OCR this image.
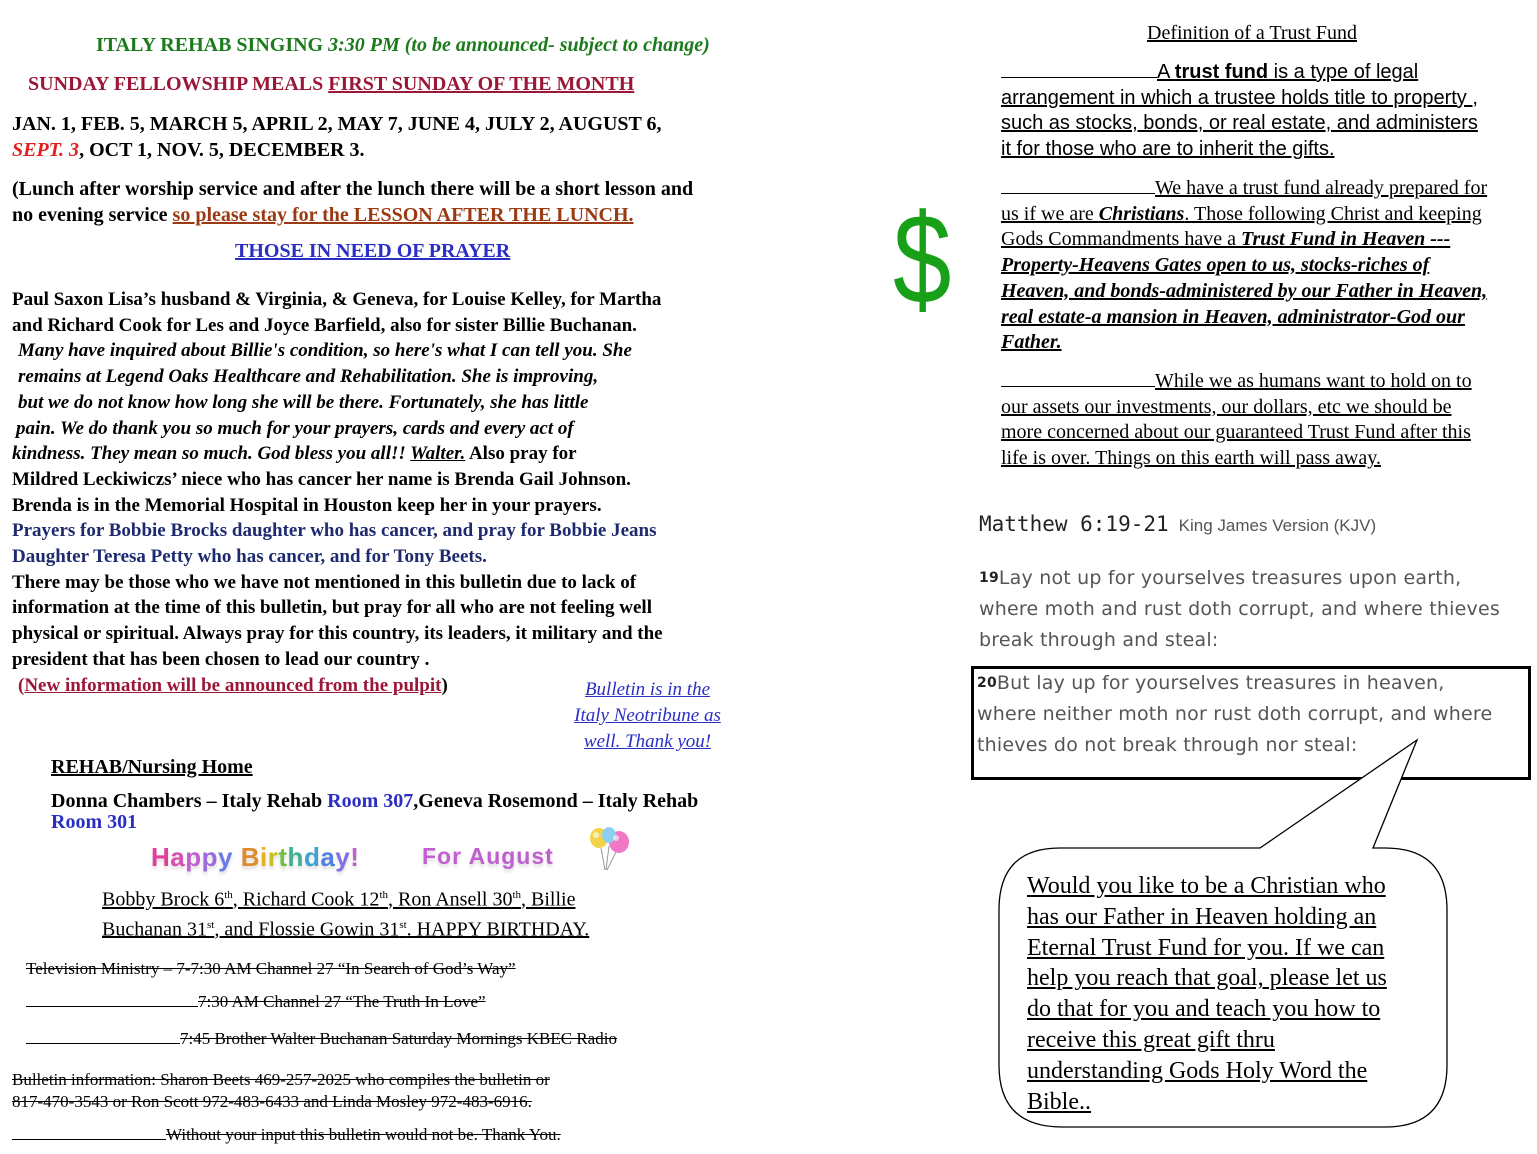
ITALY REHAB SINGING 3:30 PM (to be announced- subject to change)
SUNDAY FELLOWSHIP MEALS FIRST SUNDAY OF THE MONTH
JAN. 1, FEB. 5, MARCH 5, APRIL 2, MAY 7, JUNE 4, JULY 2, AUGUST 6,
SEPT. 3, OCT 1, NOV. 5, DECEMBER 3.
(Lunch after worship service and after the lunch there will be a short lesson and
no evening service so please stay for the LESSON AFTER THE LUNCH.
THOSE IN NEED OF PRAYER
Paul Saxon Lisa’s husband & Virginia, & Geneva, for Louise Kelley, for Martha
and Richard Cook for Les and Joyce Barfield, also for sister Billie Buchanan.
Many have inquired about Billie's condition, so here's what I can tell you. She
remains at Legend Oaks Healthcare and Rehabilitation. She is improving,
but we do not know how long she will be there. Fortunately, she has little
pain. We do thank you so much for your prayers, cards and every act of
kindness. They mean so much. God bless you all!! Walter. Also pray for
Mildred Leckiwiczs’ niece who has cancer her name is Brenda Gail Johnson.
Brenda is in the Memorial Hospital in Houston keep her in your prayers.
Prayers for Bobbie Brocks daughter who has cancer, and pray for Bobbie Jeans
Daughter Teresa Petty who has cancer, and for Tony Beets.
There may be those who we have not mentioned in this bulletin due to lack of
information at the time of this bulletin, but pray for all who are not feeling well
physical or spiritual. Always pray for this country, its leaders, it military and the
president that has been chosen to lead our country .
(New information will be announced from the pulpit)	Bulletin is in the
Italy Neotribune as
well. Thank you!
REHAB/Nursing Home
Donna Chambers – Italy Rehab Room 307,Geneva Rosemond – Italy Rehab
Room 301
Happy Birthday!	For August
Bobby Brock 6th, Richard Cook 12th, Ron Ansell 30th, Billie
Buchanan 31st, and Flossie Gowin 31st. HAPPY BIRTHDAY.
Television Ministry – 7-7:30 AM Channel 27 “In Search of God’s Way”
7:30 AM Channel 27 “The Truth In Love”
7:45 Brother Walter Buchanan Saturday Mornings KBEC Radio
Bulletin information: Sharon Beets 469-257-2025 who compiles the bulletin or
817-470-3543 or Ron Scott 972-483-6433 and Linda Mosley 972-483-6916.
Without your input this bulletin would not be. Thank You.
Definition of a Trust Fund
A trust fund is a type of legal
arrangement in which a trustee holds title to property ,
such as stocks, bonds, or real estate, and administers
it for those who are to inherit the gifts.
$	We have a trust fund already prepared for
us if we are Christians. Those following Christ and keeping
Gods Commandments have a Trust Fund in Heaven ---
Property-Heavens Gates open to us, stocks-riches of
Heaven, and bonds-administered by our Father in Heaven,
real estate-a mansion in Heaven, administrator-God our
Father.
While we as humans want to hold on to
our assets our investments, our dollars, etc we should be
more concerned about our guaranteed Trust Fund after this
life is over. Things on this earth will pass away.
Matthew 6:19-21 King James Version (KJV)
$^{19}$Lay not up for yourselves treasures upon earth,
where moth and rust doth corrupt, and where thieves
break through and steal:
$^{20}$But lay up for yourselves treasures in heaven,
where neither moth nor rust doth corrupt, and where
thieves do not break through nor steal:
Would you like to be a Christian who
has our Father in Heaven holding an
Eternal Trust Fund for you. If we can
help you reach that goal, please let us
do that for you and teach you how to
receive this great gift thru
understanding Gods Holy Word the
Bible..
